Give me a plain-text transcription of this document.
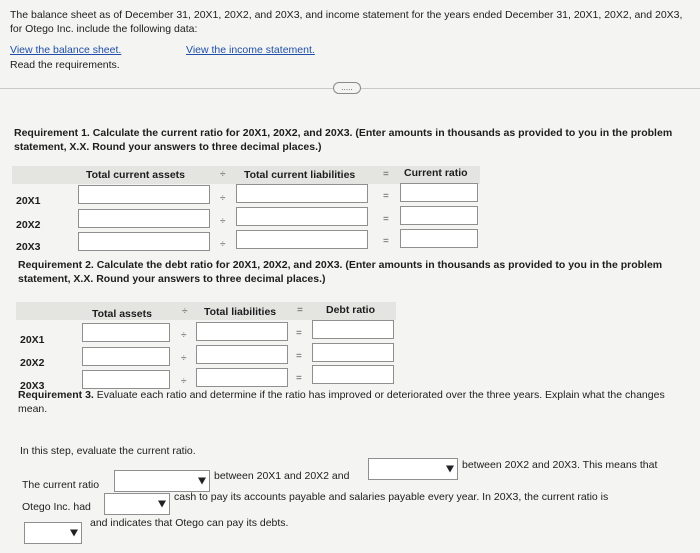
The balance sheet as of December 31, 20X1, 20X2, and 20X3, and income statement for the years ended December 31, 20X1, 20X2, and 20X3, for Otego Inc. include the following data:
View the balance sheet.	View the income statement.
Read the requirements.
.....
Requirement 1. Calculate the current ratio for 20X1, 20X2, and 20X3. (Enter amounts in thousands as provided to you in the problem statement, X.X. Round your answers to three decimal places.)
Total current assets	÷ Total current liabilities	= Current ratio
20X1	÷	=
20X2	÷	=
20X3	÷	=
Requirement 2. Calculate the debt ratio for 20X1, 20X2, and 20X3. (Enter amounts in thousands as provided to you in the problem statement, X.X. Round your answers to three decimal places.)
Total assets	÷ Total liabilities = Debt ratio
20X1	÷	=
20X2	÷	=
20X3	÷	=
Requirement 3. Evaluate each ratio and determine if the ratio has improved or deteriorated over the three years. Explain what the changes mean.
In this step, evaluate the current ratio.
The current ratio
between 20X1 and 20X2 and
between 20X2 and 20X3. This means that
Otego Inc. had
cash to pay its accounts payable and salaries payable every year. In 20X3, the current ratio is
and indicates that Otego can pay its debts.
